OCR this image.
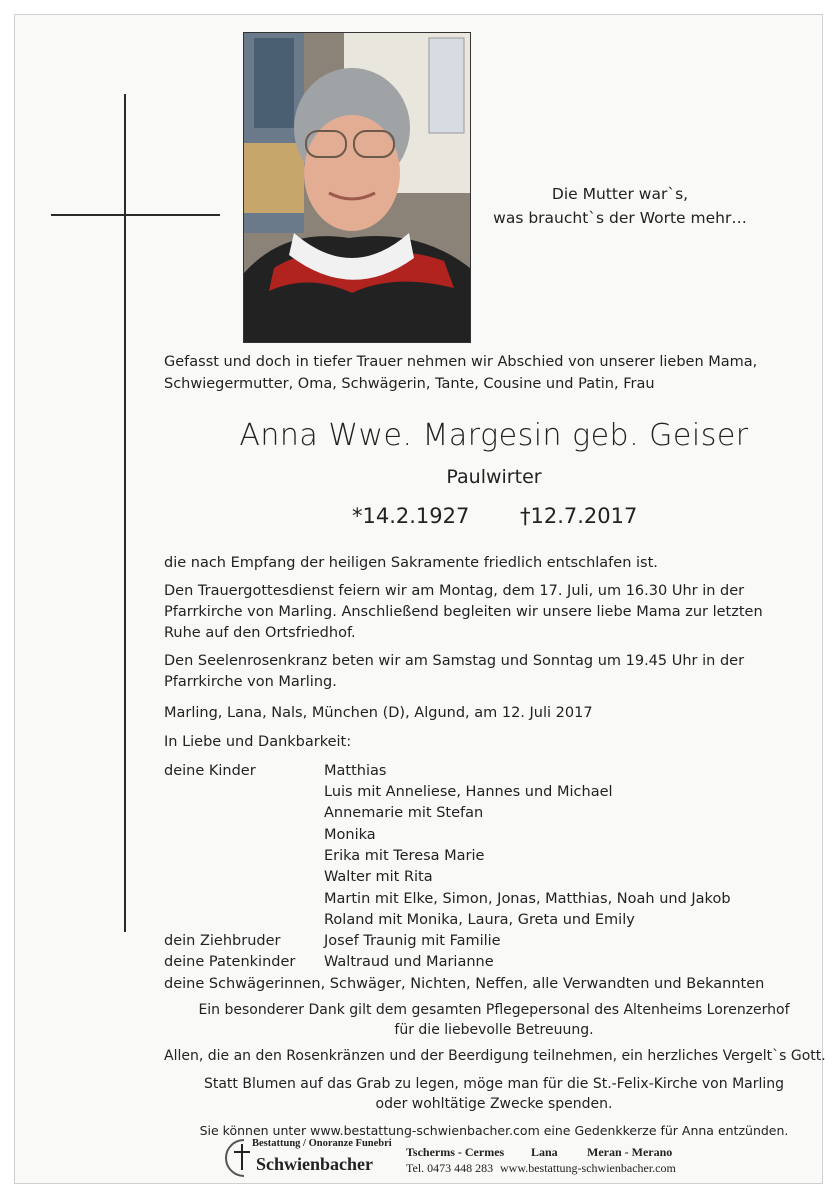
Die Mutter war`s,
was braucht`s der Worte mehr…
Gefasst und doch in tiefer Trauer nehmen wir Abschied von unserer lieben Mama,
Schwiegermutter, Oma, Schwägerin, Tante, Cousine und Patin, Frau
Anna Wwe. Margesin geb. Geiser
Paulwirter
*14.2.1927 †12.7.2017
die nach Empfang der heiligen Sakramente friedlich entschlafen ist.
Den Trauergottesdienst feiern wir am Montag, dem 17. Juli, um 16.30 Uhr in der
Pfarrkirche von Marling. Anschließend begleiten wir unsere liebe Mama zur letzten
Ruhe auf den Ortsfriedhof.
Den Seelenrosenkranz beten wir am Samstag und Sonntag um 19.45 Uhr in der
Pfarrkirche von Marling.
Marling, Lana, Nals, München (D), Algund, am 12. Juli 2017
In Liebe und Dankbarkeit:
deine Kinder	Matthias
Luis mit Anneliese, Hannes und Michael
Annemarie mit Stefan
Monika
Erika mit Teresa Marie
Walter mit Rita
Martin mit Elke, Simon, Jonas, Matthias, Noah und Jakob
Roland mit Monika, Laura, Greta und Emily
dein Ziehbruder	Josef Traunig mit Familie
deine Patenkinder Waltraud und Marianne
deine Schwägerinnen, Schwäger, Nichten, Neffen, alle Verwandten und Bekannten
Ein besonderer Dank gilt dem gesamten Pflegepersonal des Altenheims Lorenzerhof
für die liebevolle Betreuung.
Allen, die an den Rosenkränzen und der Beerdigung teilnehmen, ein herzliches Vergelt`s Gott.
Statt Blumen auf das Grab zu legen, möge man für die St.-Felix-Kirche von Marling
oder wohltätige Zwecke spenden.
Sie können unter www.bestattung-schwienbacher.com eine Gedenkkerze für Anna entzünden.
Bestattung / Onoranze Funebri
Schwienbacher
Tscherms - Cermes Lana Meran - Merano
Tel. 0473 448 283 www.bestattung-schwienbacher.com
